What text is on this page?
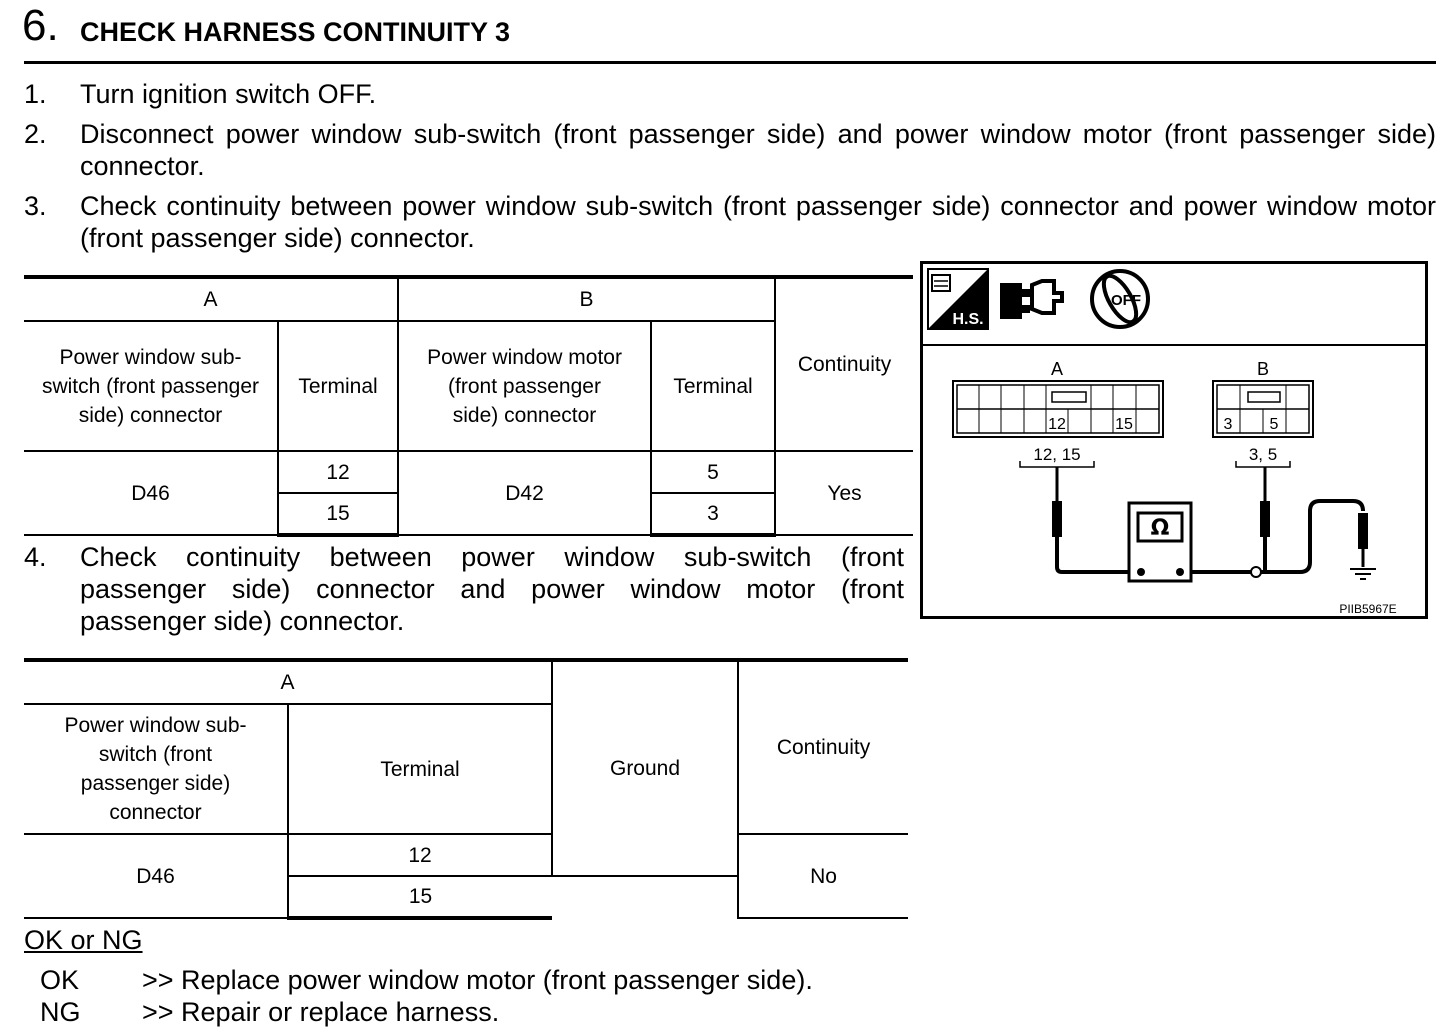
6. CHECK HARNESS CONTINUITY 3
1. Turn ignition switch OFF.
2. Disconnect power window sub-switch (front passenger side) and power window motor (front passenger side) connector.
3. Check continuity between power window sub-switch (front passenger side) connector and power window motor (front passenger side) connector.
A		B		Continuity
Power window sub- switch (front passenger side) connector	Terminal	Power window motor (front passenger side) connector	Terminal	
D46	12	D42	5	Yes
	15		3	
4. Check continuity between power window sub-switch (front passenger side) connector and power window motor (front passenger side) connector.
A		Ground	Continuity
Power window sub-switch (front passenger side) connector	Terminal		
D46	12		No
	15		
H.S.
OFF
A
12	15
B
3 5
12, 15	3, 5
Ω
PIIB5967E
OK or NG
OK >> Replace power window motor (front passenger side).
NG >> Repair or replace harness.
